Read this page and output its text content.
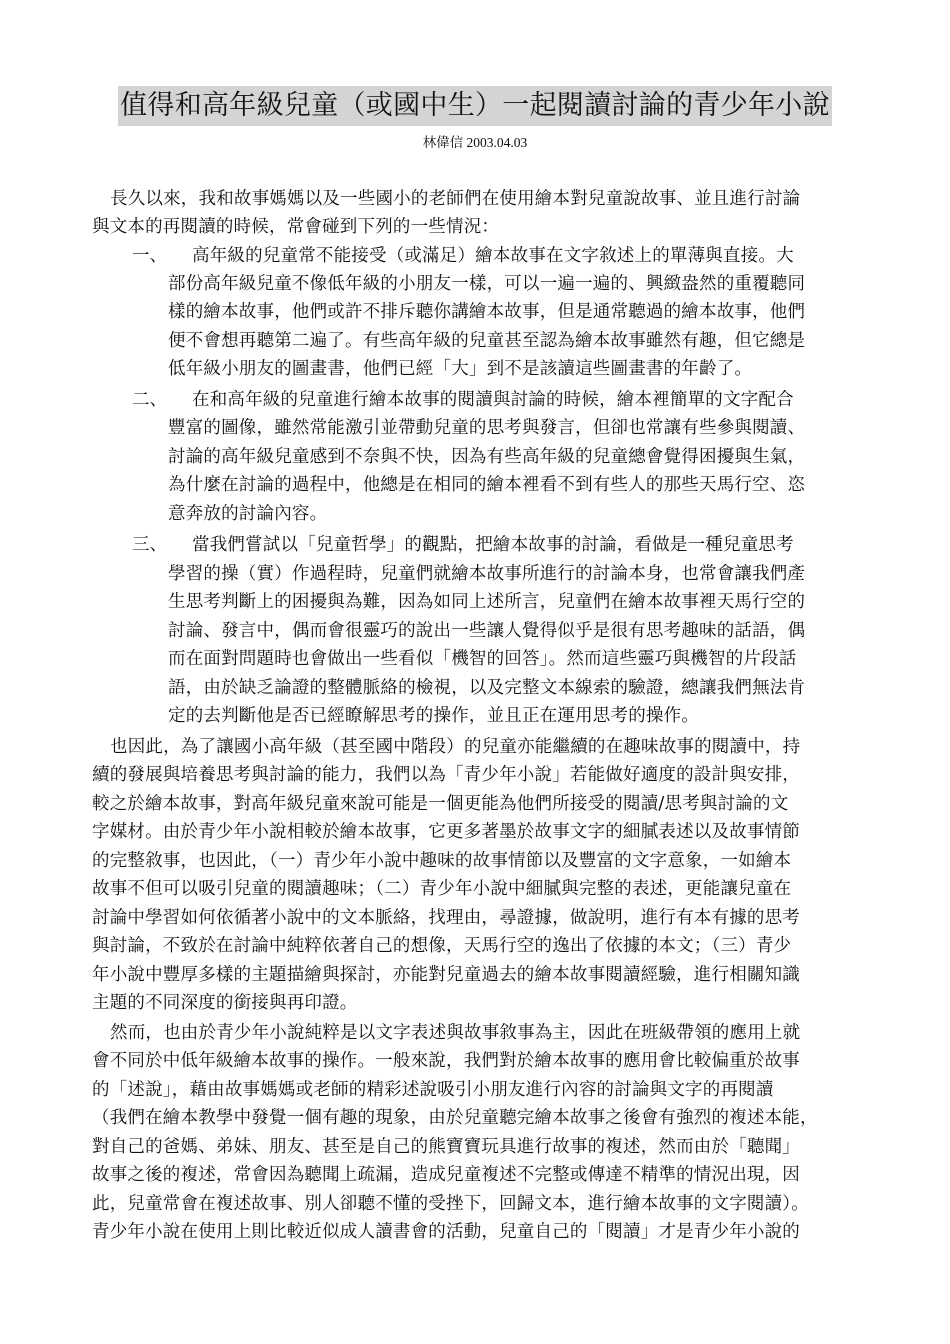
值得和高年級兒童（或國中生）一起閱讀討論的青少年小說
林偉信 2003.04.03
長久以來，我和故事媽媽以及一些國小的老師們在使用繪本對兒童說故事、並且進行討論
與文本的再閱讀的時候，常會碰到下列的一些情況：
一、 高年級的兒童常不能接受（或滿足）繪本故事在文字敘述上的單薄與直接。大
部份高年級兒童不像低年級的小朋友一樣，可以一遍一遍的、興緻盎然的重覆聽同
樣的繪本故事，他們或許不排斥聽你講繪本故事，但是通常聽過的繪本故事，他們
便不會想再聽第二遍了。有些高年級的兒童甚至認為繪本故事雖然有趣，但它總是
低年級小朋友的圖畫書，他們已經「大」到不是該讀這些圖畫書的年齡了。
二、 在和高年級的兒童進行繪本故事的閱讀與討論的時候，繪本裡簡單的文字配合
豐富的圖像，雖然常能激引並帶動兒童的思考與發言，但卻也常讓有些參與閱讀、
討論的高年級兒童感到不奈與不快，因為有些高年級的兒童總會覺得困擾與生氣，
為什麼在討論的過程中，他總是在相同的繪本裡看不到有些人的那些天馬行空、恣
意奔放的討論內容。
三、 當我們嘗試以「兒童哲學」的觀點，把繪本故事的討論，看做是一種兒童思考
學習的操（實）作過程時，兒童們就繪本故事所進行的討論本身，也常會讓我們產
生思考判斷上的困擾與為難，因為如同上述所言，兒童們在繪本故事裡天馬行空的
討論、發言中，偶而會很靈巧的說出一些讓人覺得似乎是很有思考趣味的話語，偶
而在面對問題時也會做出一些看似「機智的回答」。然而這些靈巧與機智的片段話
語，由於缺乏論證的整體脈絡的檢視，以及完整文本線索的驗證，總讓我們無法肯
定的去判斷他是否已經瞭解思考的操作，並且正在運用思考的操作。
也因此，為了讓國小高年級（甚至國中階段）的兒童亦能繼續的在趣味故事的閱讀中，持
續的發展與培養思考與討論的能力，我們以為「青少年小說」若能做好適度的設計與安排，
較之於繪本故事，對高年級兒童來說可能是一個更能為他們所接受的閱讀/思考與討論的文
字媒材。由於青少年小說相較於繪本故事，它更多著墨於故事文字的細膩表述以及故事情節
的完整敘事，也因此，（一）青少年小說中趣味的故事情節以及豐富的文字意象，一如繪本
故事不但可以吸引兒童的閱讀趣味；（二）青少年小說中細膩與完整的表述，更能讓兒童在
討論中學習如何依循著小說中的文本脈絡，找理由，尋證據，做說明，進行有本有據的思考
與討論，不致於在討論中純粹依著自己的想像，天馬行空的逸出了依據的本文；（三）青少
年小說中豐厚多樣的主題描繪與探討，亦能對兒童過去的繪本故事閱讀經驗，進行相關知識
主題的不同深度的銜接與再印證。
然而，也由於青少年小說純粹是以文字表述與故事敘事為主，因此在班級帶領的應用上就
會不同於中低年級繪本故事的操作。一般來說，我們對於繪本故事的應用會比較偏重於故事
的「述說」，藉由故事媽媽或老師的精彩述說吸引小朋友進行內容的討論與文字的再閱讀
（我們在繪本教學中發覺一個有趣的現象，由於兒童聽完繪本故事之後會有強烈的複述本能，
對自己的爸媽、弟妹、朋友、甚至是自己的熊寶寶玩具進行故事的複述，然而由於「聽聞」
故事之後的複述，常會因為聽聞上疏漏，造成兒童複述不完整或傳達不精準的情況出現，因
此，兒童常會在複述故事、別人卻聽不懂的受挫下，回歸文本，進行繪本故事的文字閱讀）。
青少年小說在使用上則比較近似成人讀書會的活動，兒童自己的「閱讀」才是青少年小說的
